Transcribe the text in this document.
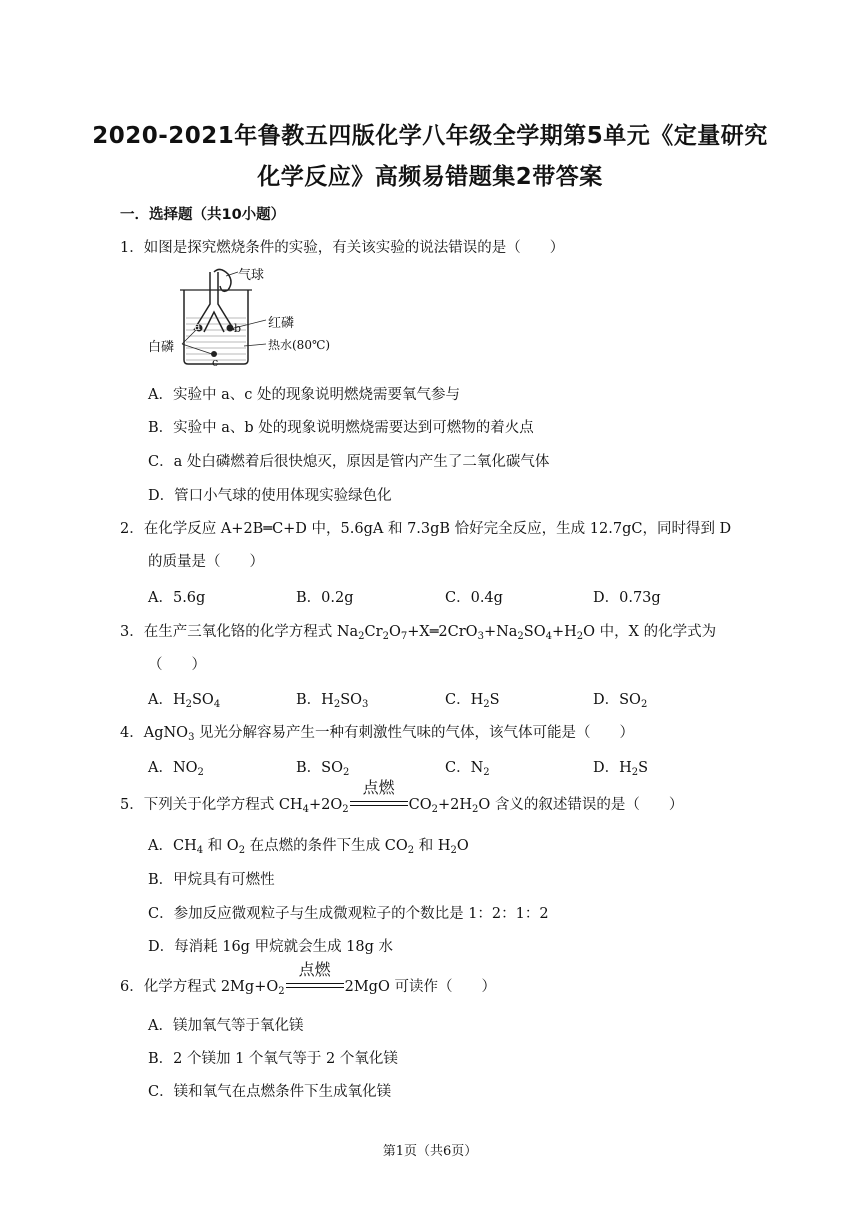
2020-2021年鲁教五四版化学八年级全学期第5单元《定量研究
化学反应》高频易错题集2带答案
一．选择题（共10小题）
1．如图是探究燃烧条件的实验，有关该实验的说法错误的是（　　）
气球
红磷
热水(80℃)
白磷
a	b
c
A．实验中 a、c 处的现象说明燃烧需要氧气参与
B．实验中 a、b 处的现象说明燃烧需要达到可燃物的着火点
C．a 处白磷燃着后很快熄灭，原因是管内产生了二氧化碳气体
D．管口小气球的使用体现实验绿色化
2．在化学反应 A+2B═C+D 中，5.6gA 和 7.3gB 恰好完全反应，生成 12.7gC，同时得到 D
的质量是（　　）
A．5.6g	B．0.2g	C．0.4g	D．0.73g
3．在生产三氧化铬的化学方程式 $Na_2Cr_2O_7+X═2CrO_3+Na_2SO_4+H_2O$ 中，X 的化学式为
（　　）
A．$H_2SO_4$	B．$H_2SO_3$	C．$H_2S$	D．$SO_2$
4．AgNO$_3$ 见光分解容易产生一种有刺激性气味的气体，该气体可能是（　　）
A．$NO_2$	B．$SO_2$	C．$N_2$	D．$H_2S$
5．下列关于化学方程式 $CH_4+2O_2$
点燃
$CO_2+2H_2O$ 含义的叙述错误的是（　　）
A．$CH_4$ 和 $O_2$ 在点燃的条件下生成 $CO_2$ 和 $H_2O$
B．甲烷具有可燃性
C．参加反应微观粒子与生成微观粒子的个数比是 1：2：1：2
D．每消耗 16g 甲烷就会生成 18g 水
6．化学方程式 $2Mg+O_2$
点燃
2MgO 可读作（　　）
A．镁加氧气等于氧化镁
B．2 个镁加 1 个氧气等于 2 个氧化镁
C．镁和氧气在点燃条件下生成氧化镁
第1页（共6页）
